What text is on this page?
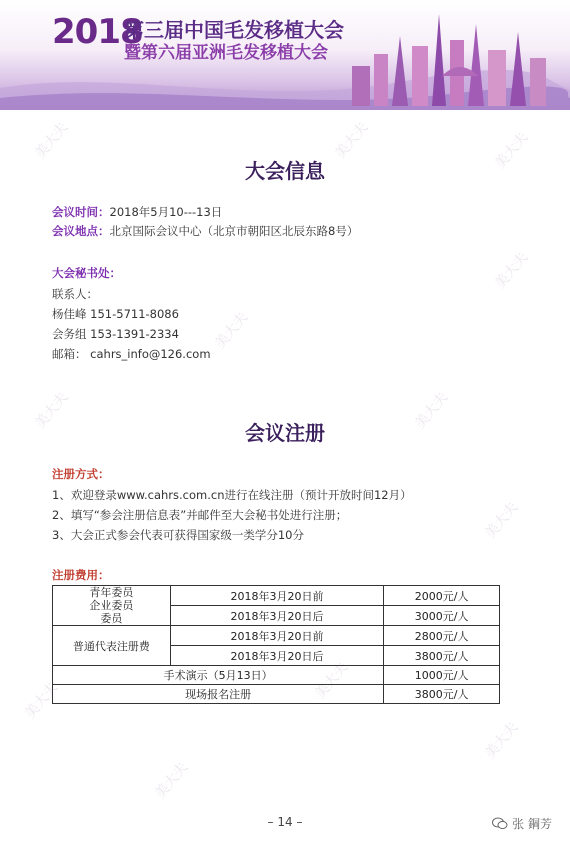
2018
第三届中国毛发移植大会
暨第六届亚洲毛发移植大会
美大夫	美大夫	美大夫
美大夫
美大夫
美大夫	美大夫
美大夫
美大夫
美大夫
美大夫
美大夫
大会信息
会议时间：2018年5月10---13日
会议地点：北京国际会议中心（北京市朝阳区北辰东路8号）
大会秘书处：
联系人：
杨佳峰 151-5711-8086
会务组 153-1391-2334
邮箱： cahrs_info@126.com
会议注册
注册方式：
1、欢迎登录www.cahrs.com.cn进行在线注册（预计开放时间12月）
2、填写“参会注册信息表”并邮件至大会秘书处进行注册；
3、大会正式参会代表可获得国家级一类学分10分
注册费用：
青年委员
企业委员
委员	2018年3月20日前	2000元/人
	2018年3月20日后	3000元/人
普通代表注册费	2018年3月20日前	2800元/人
	2018年3月20日后	3800元/人
手术演示（5月13日）		1000元/人
现场报名注册		3800元/人
– 14 –	张 鋼芳
